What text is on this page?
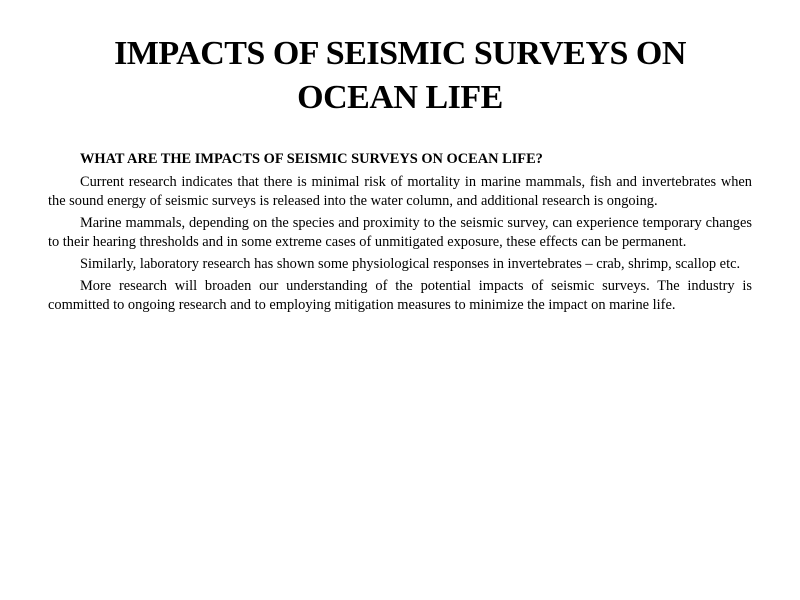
IMPACTS OF SEISMIC SURVEYS ON OCEAN LIFE

WHAT ARE THE IMPACTS OF SEISMIC SURVEYS ON OCEAN LIFE?

Current research indicates that there is minimal risk of mortality in marine mammals, fish and invertebrates when the sound energy of seismic surveys is released into the water column, and additional research is ongoing.

Marine mammals, depending on the species and proximity to the seismic survey, can experience temporary changes to their hearing thresholds and in some extreme cases of unmitigated exposure, these effects can be permanent.

Similarly, laboratory research has shown some physiological responses in invertebrates – crab, shrimp, scallop etc.

More research will broaden our understanding of the potential impacts of seismic surveys. The industry is committed to ongoing research and to employing mitigation measures to minimize the impact on marine life.
